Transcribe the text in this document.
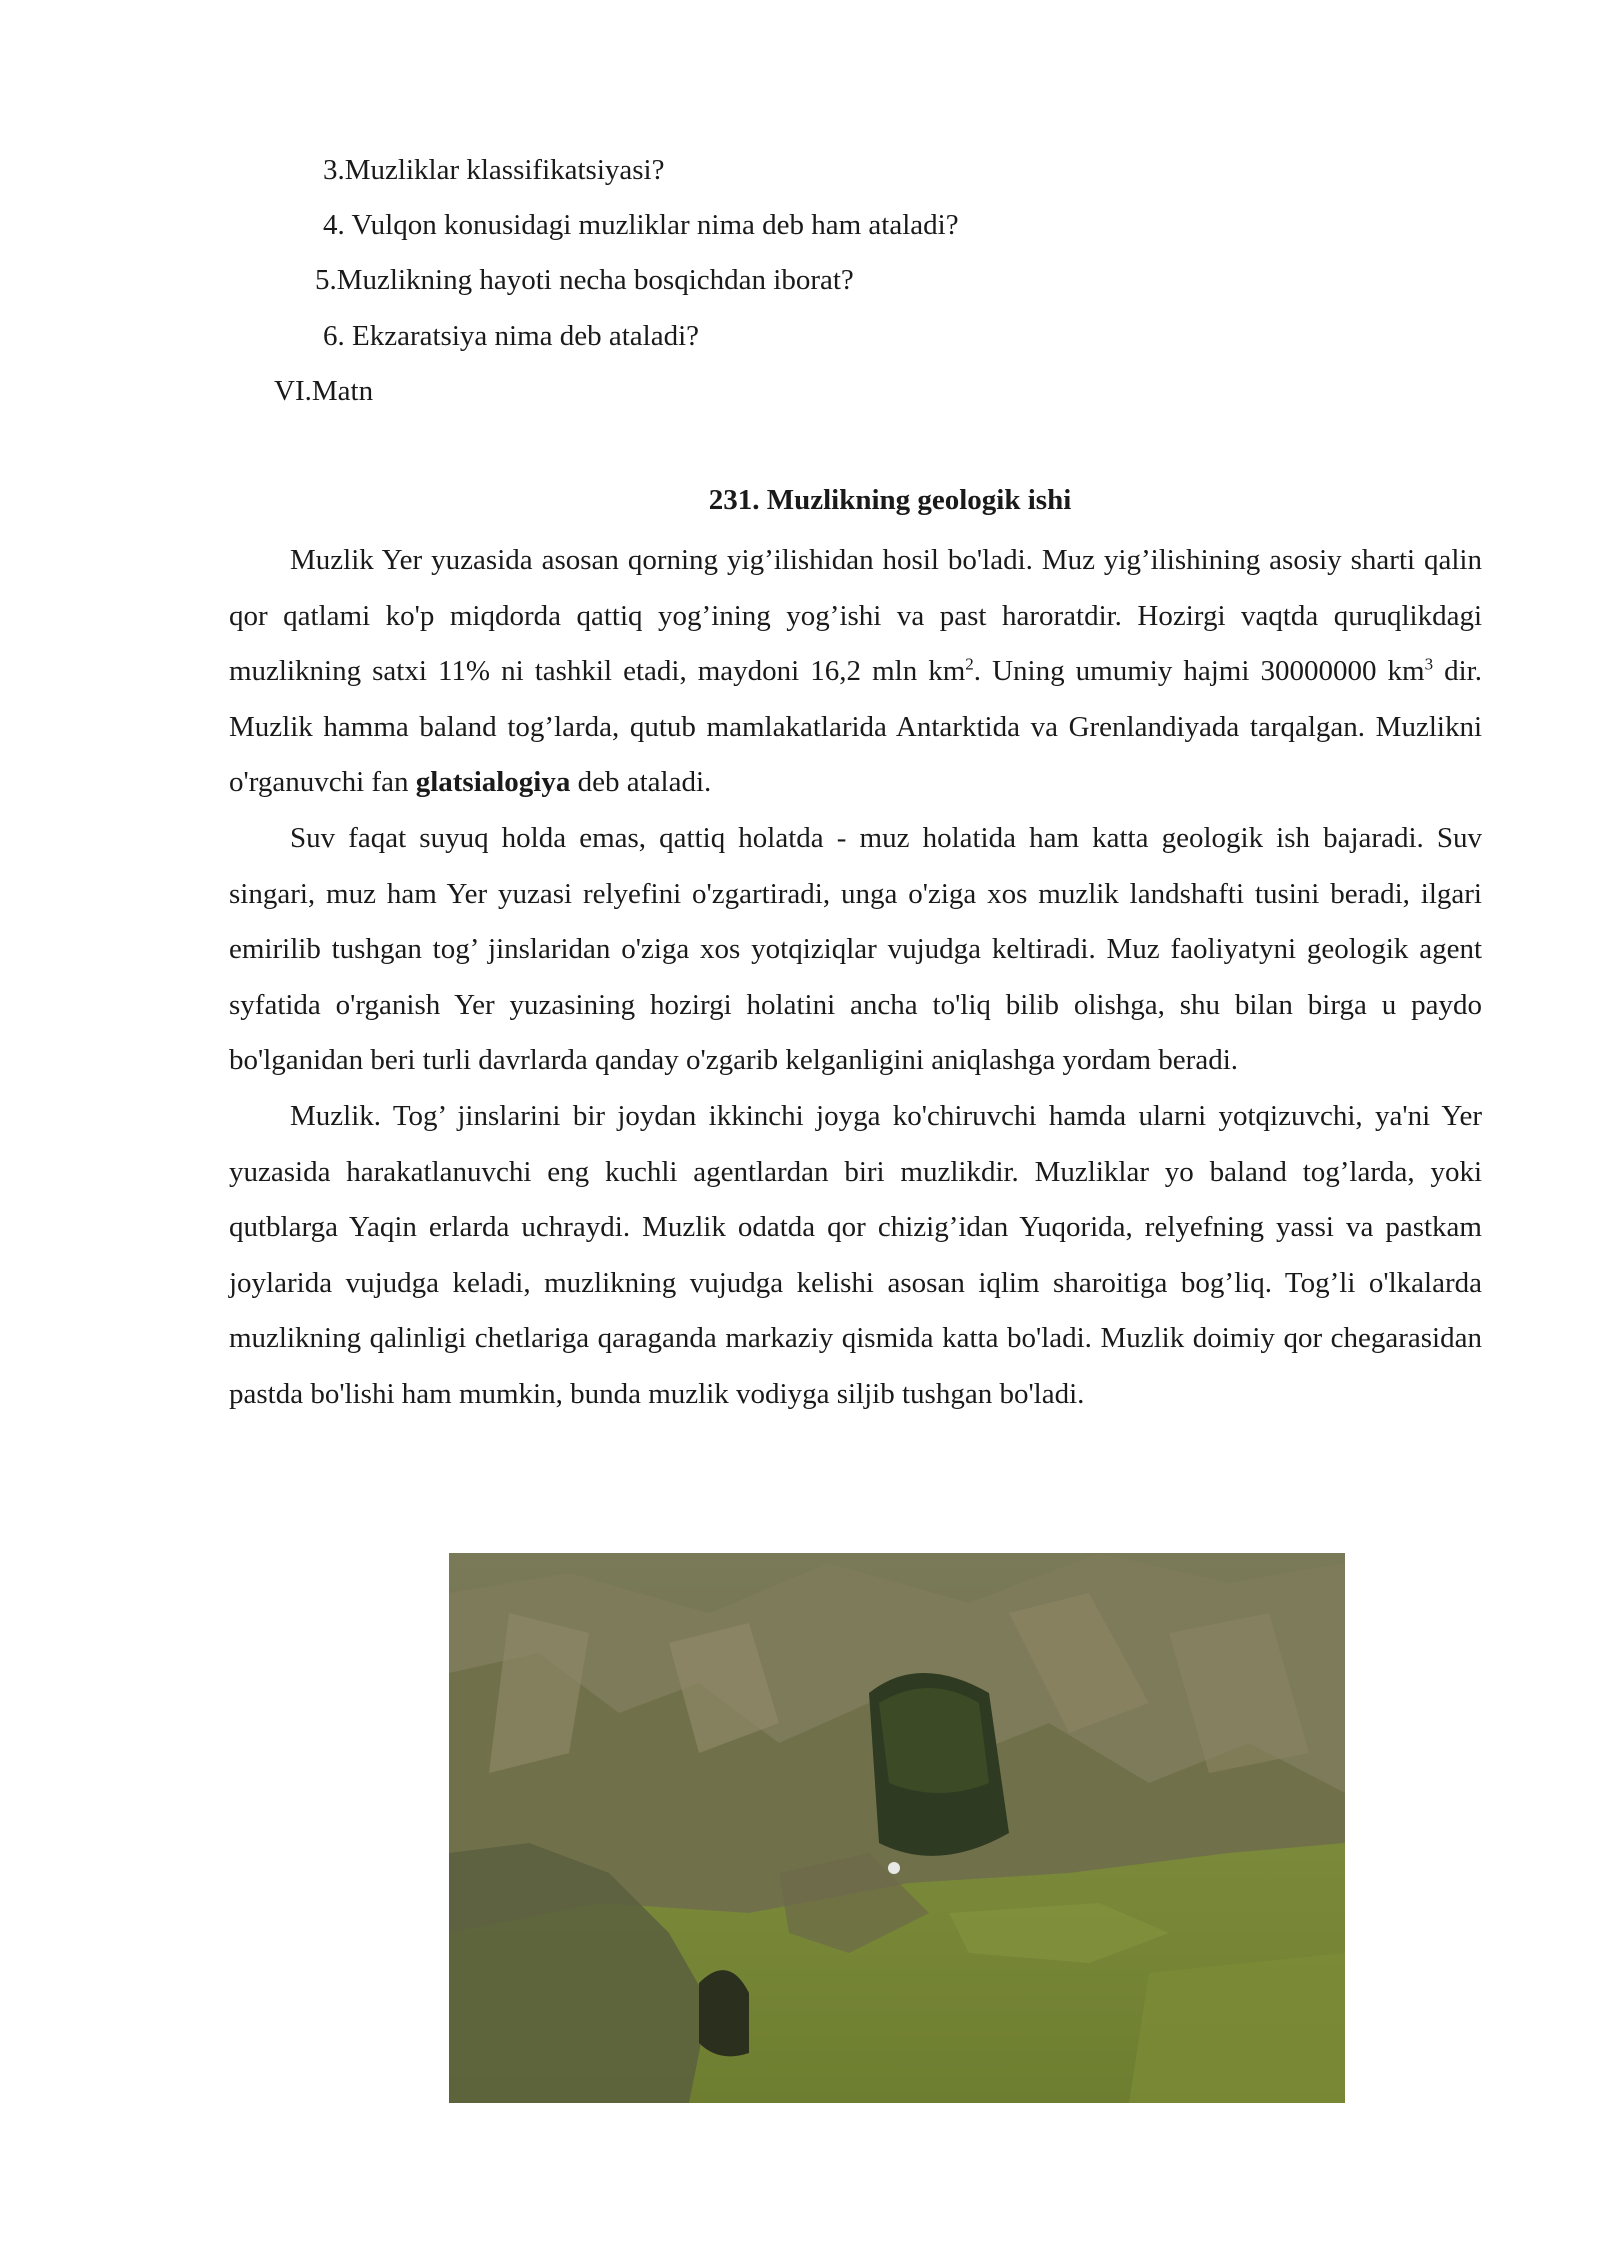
3.Muzliklar klassifikatsiyasi?
4. Vulqon konusidagi muzliklar nima deb ham ataladi?
5.Muzlikning hayoti necha bosqichdan iborat?
6. Ekzaratsiya nima deb ataladi?
VI.Matn
231. Muzlikning geologik ishi

Muzlik Yer yuzasida asosan qorning yig’ilishidan hosil bo'ladi. Muz yig’ilishining asosiy sharti qalin qor qatlami ko'p miqdorda qattiq yog’ining yog’ishi va past haroratdir. Hozirgi vaqtda quruqlikdagi muzlikning satxi 11% ni tashkil etadi, maydoni 16,2 mln $km^2$. Uning umumiy hajmi 30000000 $km^3$ dir. Muzlik hamma baland tog’larda, qutub mamlakatlarida Antarktida va Grenlandiyada tarqalgan. Muzlikni o'rganuvchi fan glatsialogiya deb ataladi.

Suv faqat suyuq holda emas, qattiq holatda - muz holatida ham katta geologik ish bajaradi. Suv singari, muz ham Yer yuzasi relyefini o'zgartiradi, unga o'ziga xos muzlik landshafti tusini beradi, ilgari emirilib tushgan tog’ jinslaridan o'ziga xos yotqiziqlar vujudga keltiradi. Muz faoliyatyni geologik agent syfatida o'rganish Yer yuzasining hozirgi holatini ancha to'liq bilib olishga, shu bilan birga u paydo bo'lganidan beri turli davrlarda qanday o'zgarib kelganligini aniqlashga yordam beradi.

Muzlik. Tog’ jinslarini bir joydan ikkinchi joyga ko'chiruvchi hamda ularni yotqizuvchi, ya'ni Yer yuzasida harakatlanuvchi eng kuchli agentlardan biri muzlikdir. Muzliklar yo baland tog’larda, yoki qutblarga Yaqin erlarda uchraydi. Muzlik odatda qor chizig’idan Yuqorida, relyefning yassi va pastkam joylarida vujudga keladi, muzlikning vujudga kelishi asosan iqlim sharoitiga bog’liq. Tog’li o'lkalarda muzlikning qalinligi chetlariga qaraganda markaziy qismida katta bo'ladi. Muzlik doimiy qor chegarasidan pastda bo'lishi ham mumkin, bunda muzlik vodiyga siljib tushgan bo'ladi.
